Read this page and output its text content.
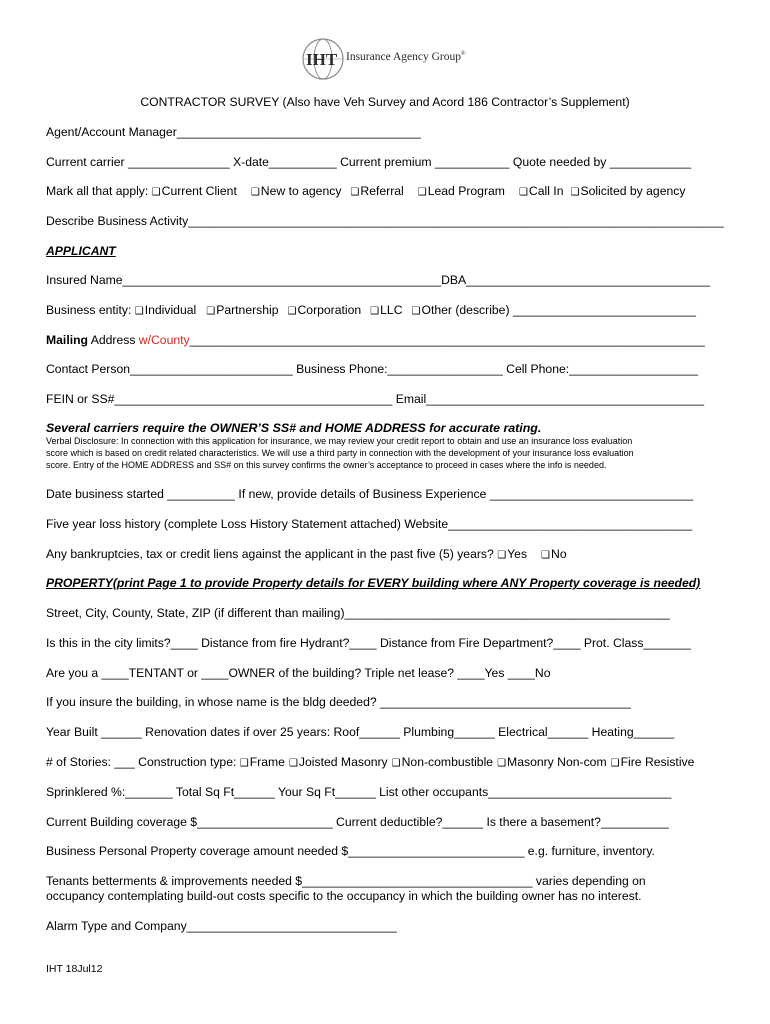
IHT Insurance Agency Group®
CONTRACTOR SURVEY (Also have Veh Survey and Acord 186 Contractor’s Supplement)
Agent/Account Manager____________________________________
Current carrier _______________ X-date__________ Current premium ___________ Quote needed by ____________
Mark all that apply: ❑Current Client ❑New to agency ❑Referral ❑Lead Program ❑Call In ❑Solicited by agency
Describe Business Activity_______________________________________________________________________________
APPLICANT
Insured Name_______________________________________________DBA____________________________________
Business entity: ❑Individual ❑Partnership ❑Corporation ❑LLC ❑Other (describe) ___________________________
Mailing Address w/County____________________________________________________________________________
Contact Person________________________ Business Phone:_________________ Cell Phone:___________________
FEIN or SS#_________________________________________ Email_________________________________________
Several carriers require the OWNER’S SS# and HOME ADDRESS for accurate rating.
Verbal Disclosure: In connection with this application for insurance, we may review your credit report to obtain and use an insurance loss evaluation
score which is based on credit related characteristics. We will use a third party in connection with the development of your insurance loss evaluation
score. Entry of the HOME ADDRESS and SS# on this survey confirms the owner’s acceptance to proceed in cases where the info is needed.
Date business started __________ If new, provide details of Business Experience ______________________________
Five year loss history (complete Loss History Statement attached) Website____________________________________
Any bankruptcies, tax or credit liens against the applicant in the past five (5) years? ❑Yes ❑No
PROPERTY(print Page 1 to provide Property details for EVERY building where ANY Property coverage is needed)
Street, City, County, State, ZIP (if different than mailing)________________________________________________
Is this in the city limits?____ Distance from fire Hydrant?____ Distance from Fire Department?____ Prot. Class_______
Are you a ____TENTANT or ____OWNER of the building? Triple net lease? ____Yes ____No
If you insure the building, in whose name is the bldg deeded? _____________________________________
Year Built ______ Renovation dates if over 25 years: Roof______ Plumbing______ Electrical______ Heating______
# of Stories: ___ Construction type: ❑Frame ❑Joisted Masonry ❑Non-combustible ❑Masonry Non-com ❑Fire Resistive
Sprinklered %:_______ Total Sq Ft______ Your Sq Ft______ List other occupants___________________________
Current Building coverage $____________________ Current deductible?______ Is there a basement?__________
Business Personal Property coverage amount needed $__________________________ e.g. furniture, inventory.
Tenants betterments & improvements needed $__________________________________ varies depending on
occupancy contemplating build-out costs specific to the occupancy in which the building owner has no interest.
Alarm Type and Company_______________________________
IHT 18Jul12
